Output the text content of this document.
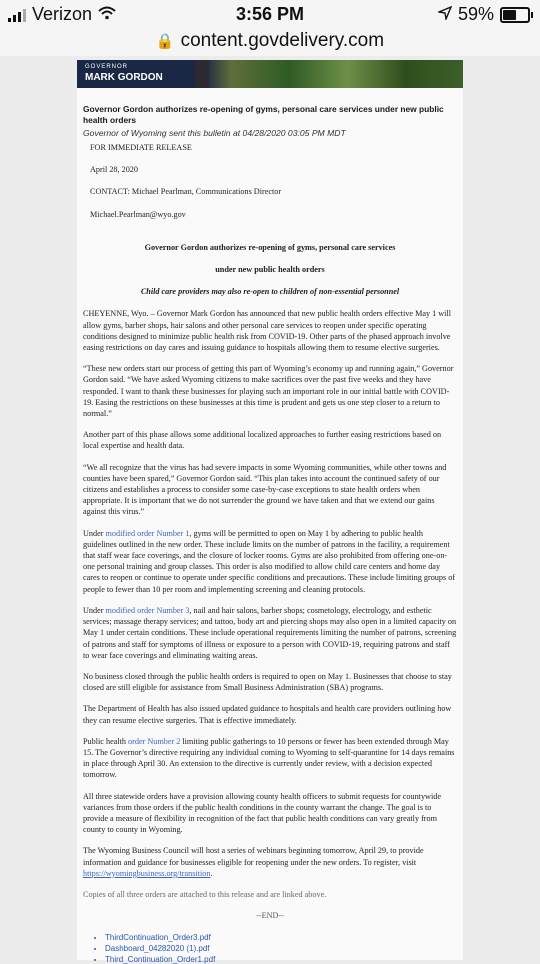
Verizon	3:56 PM	59%
🔒 content.govdelivery.com
GOVERNOR
MARK GORDON
Governor Gordon authorizes re-opening of gyms, personal care services under new public health orders
Governor of Wyoming sent this bulletin at 04/28/2020 03:05 PM MDT
FOR IMMEDIATE RELEASE
April 28, 2020
CONTACT: Michael Pearlman, Communications Director
Michael.Pearlman@wyo.gov
Governor Gordon authorizes re-opening of gyms, personal care services
under new public health orders
Child care providers may also re-open to children of non-essential personnel

CHEYENNE, Wyo. – Governor Mark Gordon has announced that new public health orders effective May 1 will allow gyms, barber shops, hair salons and other personal care services to reopen under specific operating conditions designed to minimize public health risk from COVID-19. Other parts of the phased approach involve easing restrictions on day cares and issuing guidance to hospitals allowing them to resume elective surgeries.

“These new orders start our process of getting this part of Wyoming’s economy up and running again,” Governor Gordon said. “We have asked Wyoming citizens to make sacrifices over the past five weeks and they have responded. I want to thank these businesses for playing such an important role in our initial battle with COVID-19. Easing the restrictions on these businesses at this time is prudent and gets us one step closer to a return to normal.”

Another part of this phase allows some additional localized approaches to further easing restrictions based on local expertise and health data.

“We all recognize that the virus has had severe impacts in some Wyoming communities, while other towns and counties have been spared,” Governor Gordon said. “This plan takes into account the continued safety of our citizens and establishes a process to consider some case-by-case exceptions to state health orders when appropriate. It is important that we do not surrender the ground we have taken and that we extend our gains against this virus.”

Under modified order Number 1, gyms will be permitted to open on May 1 by adhering to public health guidelines outlined in the new order. These include limits on the number of patrons in the facility, a requirement that staff wear face coverings, and the closure of locker rooms. Gyms are also prohibited from offering one-on-one personal training and group classes. This order is also modified to allow child care centers and home day cares to reopen or continue to operate under specific conditions and precautions. These include limiting groups of people to fewer than 10 per room and implementing screening and cleaning protocols.

Under modified order Number 3, nail and hair salons, barber shops; cosmetology, electrology, and esthetic services; massage therapy services; and tattoo, body art and piercing shops may also open in a limited capacity on May 1 under certain conditions. These include operational requirements limiting the number of patrons, screening of patrons and staff for symptoms of illness or exposure to a person with COVID-19, requiring patrons and staff to wear face coverings and eliminating waiting areas.

No business closed through the public health orders is required to open on May 1. Businesses that choose to stay closed are still eligible for assistance from Small Business Administration (SBA) programs.

The Department of Health has also issued updated guidance to hospitals and health care providers outlining how they can resume elective surgeries. That is effective immediately.

Public health order Number 2 limiting public gatherings to 10 persons or fewer has been extended through May 15. The Governor’s directive requiring any individual coming to Wyoming to self-quarantine for 14 days remains in place through April 30. An extension to the directive is currently under review, with a decision expected tomorrow.

All three statewide orders have a provision allowing county health officers to submit requests for countywide variances from those orders if the public health conditions in the county warrant the change. The goal is to provide a measure of flexibility in recognition of the fact that public health conditions can vary greatly from county to county in Wyoming.

The Wyoming Business Council will host a series of webinars beginning tomorrow, April 29, to provide information and guidance for businesses eligible for reopening under the new orders. To register, visit https://wyomingbusiness.org/transition.

Copies of all three orders are attached to this release and are linked above.

--END--
• ThirdContinuation_Order3.pdf
• Dashboard_04282020 (1).pdf
• Third_Continuation_Order1.pdf
